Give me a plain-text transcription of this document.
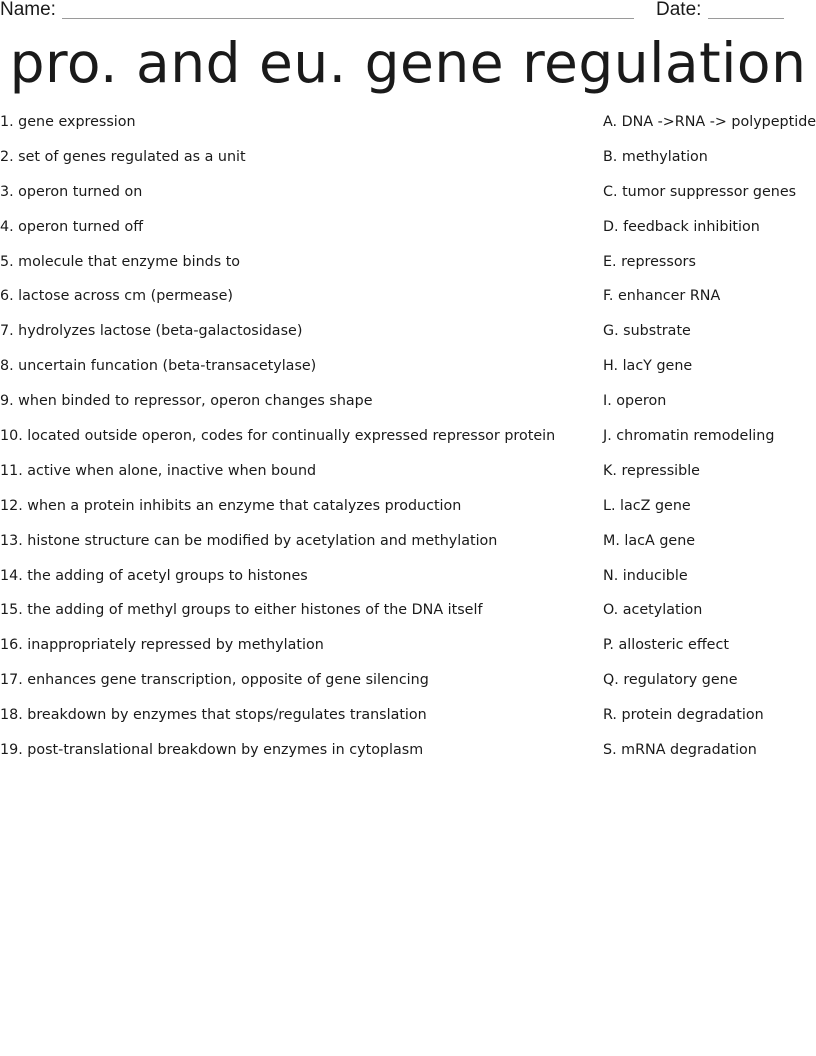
Name:	Date:
pro. and eu. gene regulation
1. gene expression
2. set of genes regulated as a unit
3. operon turned on
4. operon turned off
5. molecule that enzyme binds to
6. lactose across cm (permease)
7. hydrolyzes lactose (beta-galactosidase)
8. uncertain funcation (beta-transacetylase)
9. when binded to repressor, operon changes shape
10. located outside operon, codes for continually expressed repressor protein
11. active when alone, inactive when bound
12. when a protein inhibits an enzyme that catalyzes production
13. histone structure can be modified by acetylation and methylation
14. the adding of acetyl groups to histones
15. the adding of methyl groups to either histones of the DNA itself
16. inappropriately repressed by methylation
17. enhances gene transcription, opposite of gene silencing
18. breakdown by enzymes that stops/regulates translation
19. post-translational breakdown by enzymes in cytoplasm
A. DNA ->RNA -> polypeptide
B. methylation
C. tumor suppressor genes
D. feedback inhibition
E. repressors
F. enhancer RNA
G. substrate
H. lacY gene
I. operon
J. chromatin remodeling
K. repressible
L. lacZ gene
M. lacA gene
N. inducible
O. acetylation
P. allosteric effect
Q. regulatory gene
R. protein degradation
S. mRNA degradation
